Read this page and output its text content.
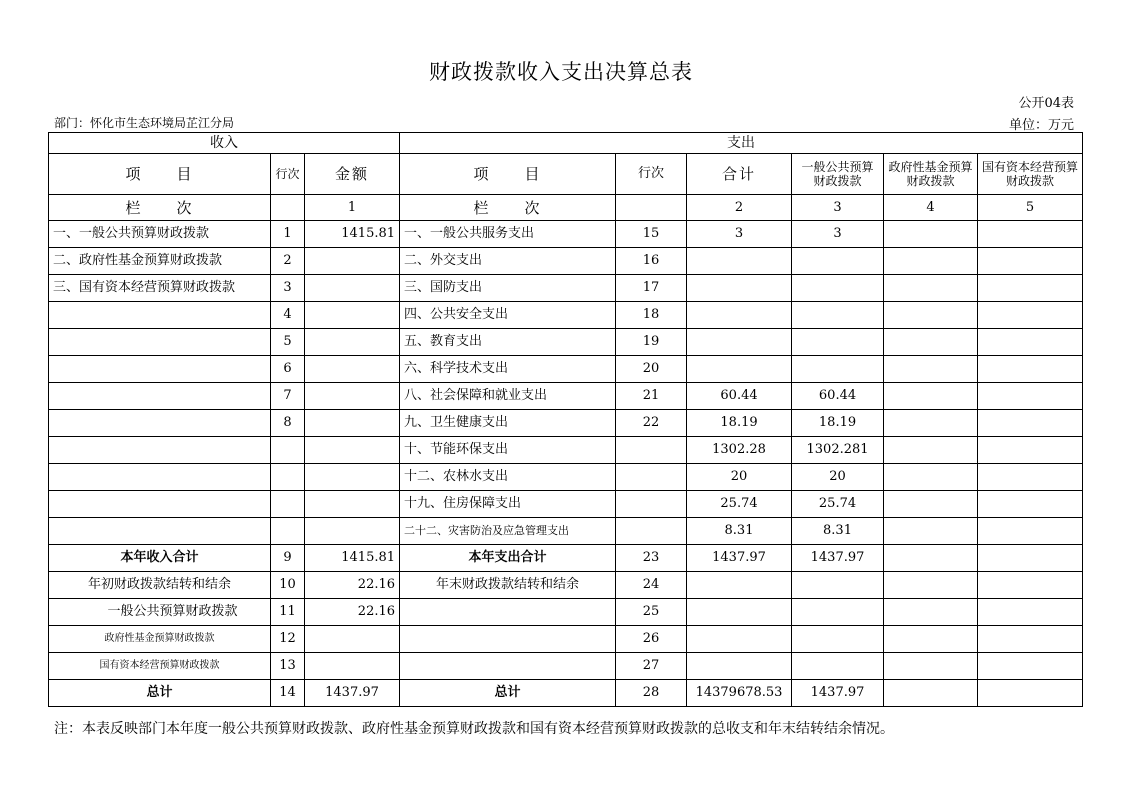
财政拨款收入支出决算总表
公开04表
部门：怀化市生态环境局芷江分局	单位：万元
收入			支出					
项　　目	行次	金额	项　　目	行次	合计	一般公共预算财政拨款	政府性基金预算财政拨款	国有资本经营预算财政拨款
栏　　次		1	栏　　次		2	3	4	5
一、一般公共预算财政拨款	1	1415.81	一、一般公共服务支出	15	3	3		
二、政府性基金预算财政拨款	2		二、外交支出	16				
三、国有资本经营预算财政拨款	3		三、国防支出	17				
	4		四、公共安全支出	18				
	5		五、教育支出	19				
	6		六、科学技术支出	20				
	7		八、社会保障和就业支出	21	60.44	60.44		
	8		九、卫生健康支出	22	18.19	18.19		
			十、节能环保支出		1302.28	1302.281		
			十二、农林水支出		20	20		
			十九、住房保障支出		25.74	25.74		
			二十二、灾害防治及应急管理支出		8.31	8.31		
本年收入合计	9	1415.81	本年支出合计	23	1437.97	1437.97		
年初财政拨款结转和结余	10	22.16	年末财政拨款结转和结余	24				
一般公共预算财政拨款	11	22.16		25				
政府性基金预算财政拨款	12			26				
国有资本经营预算财政拨款	13			27				
总计	14	1437.97	总计	28	14379678.53	1437.97		
注：本表反映部门本年度一般公共预算财政拨款、政府性基金预算财政拨款和国有资本经营预算财政拨款的总收支和年末结转结余情况。
